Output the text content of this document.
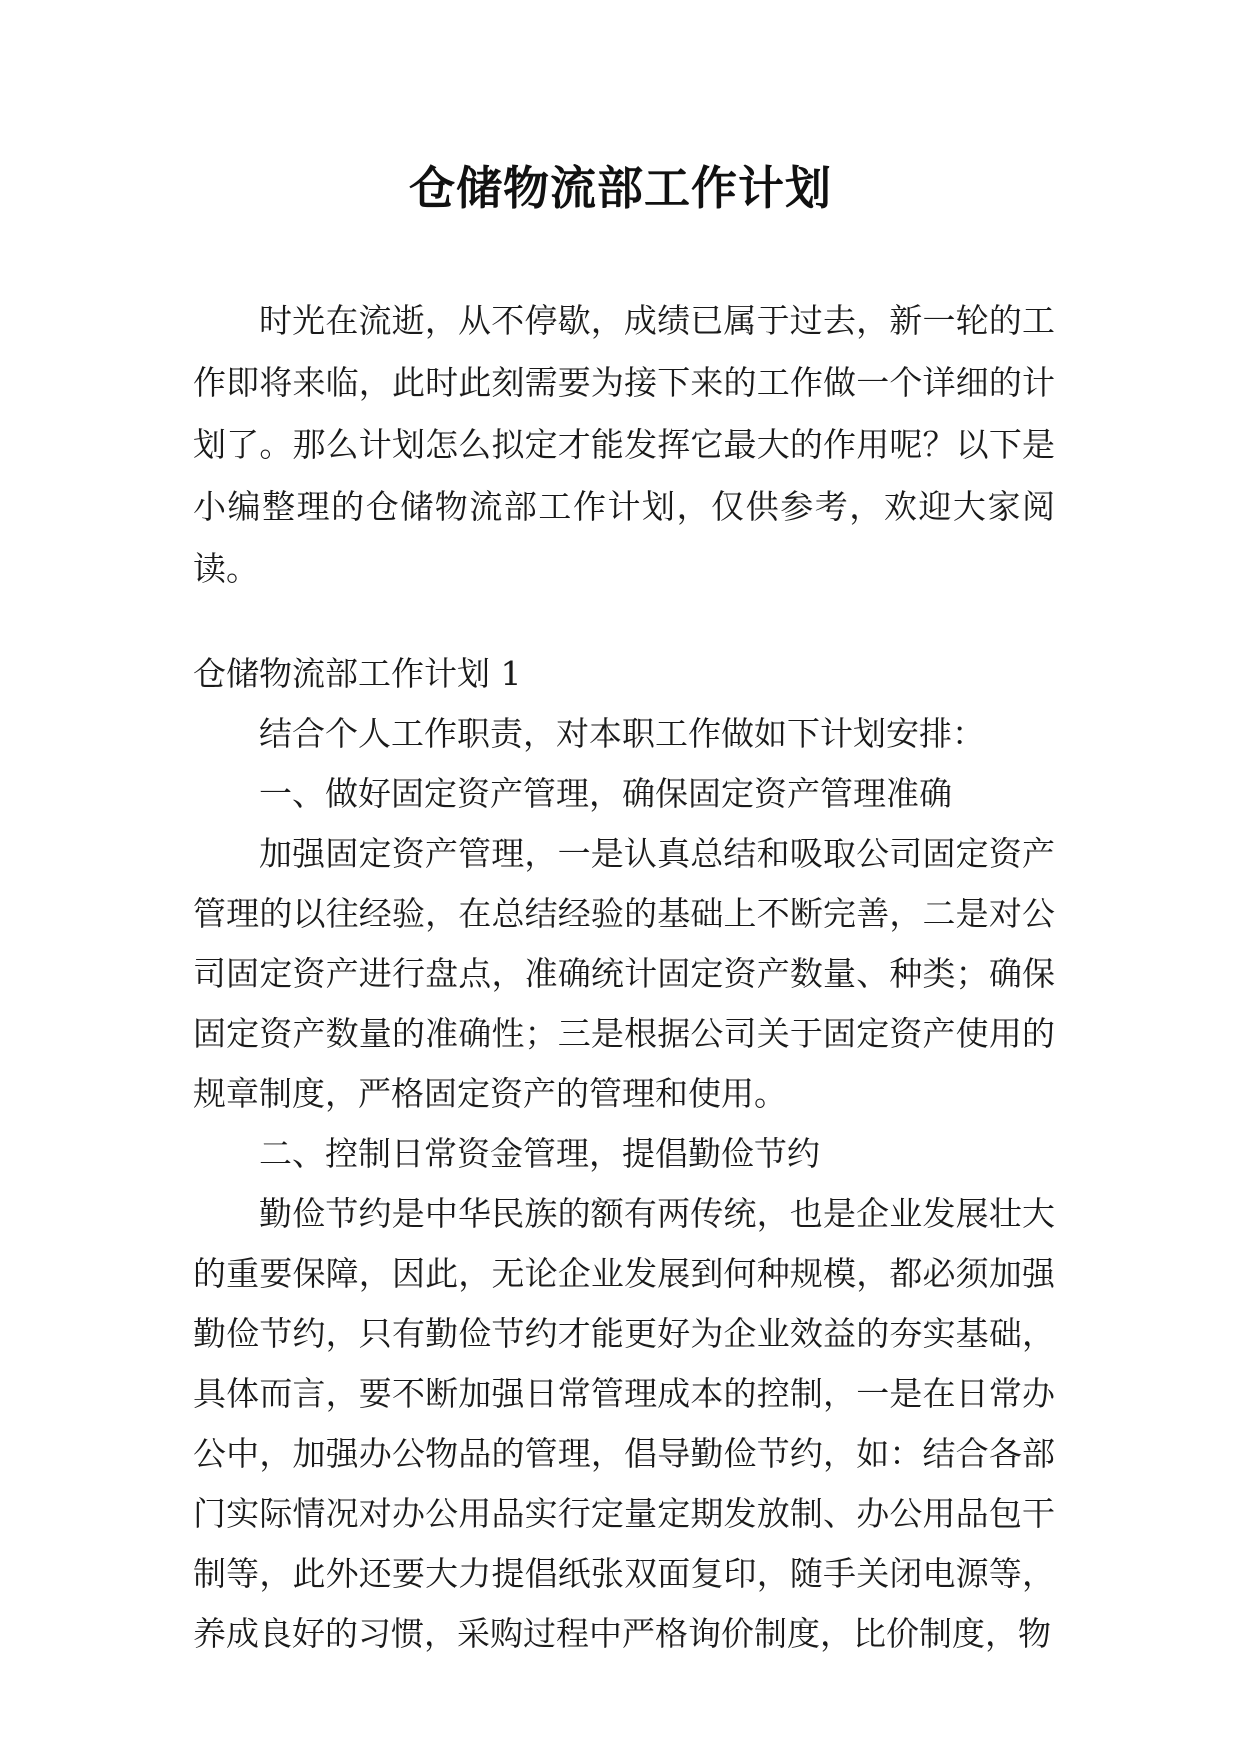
仓储物流部工作计划

时光在流逝，从不停歇，成绩已属于过去，新一轮的工作即将来临，此时此刻需要为接下来的工作做一个详细的计划了。那么计划怎么拟定才能发挥它最大的作用呢？以下是小编整理的仓储物流部工作计划，仅供参考，欢迎大家阅读。

仓储物流部工作计划 1

结合个人工作职责，对本职工作做如下计划安排：

一、做好固定资产管理，确保固定资产管理准确

加强固定资产管理，一是认真总结和吸取公司固定资产管理的以往经验，在总结经验的基础上不断完善，二是对公司固定资产进行盘点，准确统计固定资产数量、种类；确保固定资产数量的准确性；三是根据公司关于固定资产使用的规章制度，严格固定资产的管理和使用。

二、控制日常资金管理，提倡勤俭节约

勤俭节约是中华民族的额有两传统，也是企业发展壮大的重要保障，因此，无论企业发展到何种规模，都必须加强勤俭节约，只有勤俭节约才能更好为企业效益的夯实基础，具体而言，要不断加强日常管理成本的控制，一是在日常办公中，加强办公物品的管理，倡导勤俭节约，如：结合各部门实际情况对办公用品实行定量定期发放制、办公用品包干制等，此外还要大力提倡纸张双面复印，随手关闭电源等，养成良好的习惯，采购过程中严格询价制度，比价制度，物
